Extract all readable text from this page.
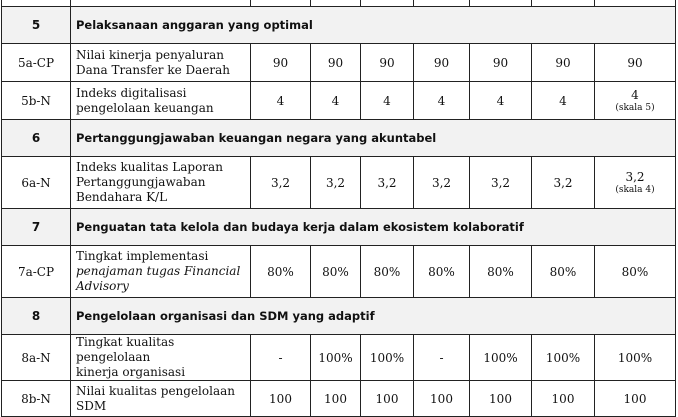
5	Pelaksanaan anggaran yang optimal							
5a-CP	Nilai kinerja penyaluran
Dana Transfer ke Daerah	90	90	90	90	90	90	90
5b-N	Indeks digitalisasi
pengelolaan keuangan	4	4	4	4	4	4	4
(skala 5)

6	Pertanggungjawaban keuangan negara yang akuntabel							
6a-N	Indeks kualitas Laporan
Pertanggungjawaban
Bendahara K/L	3,2	3,2	3,2	3,2	3,2	3,2	3,2
(skala 4)

7	Penguatan tata kelola dan budaya kerja dalam ekosistem kolaboratif							
7a-CP	Tingkat implementasi
penajaman tugas Financial
Advisory	80%	80%	80%	80%	80%	80%	80%
8	Pengelolaan organisasi dan SDM yang adaptif							
8a-N	Tingkat kualitas pengelolaan
kinerja organisasi	-	100%	100%	-	100%	100%	100%
8b-N	Nilai kualitas pengelolaan
SDM	100	100	100	100	100	100	100
